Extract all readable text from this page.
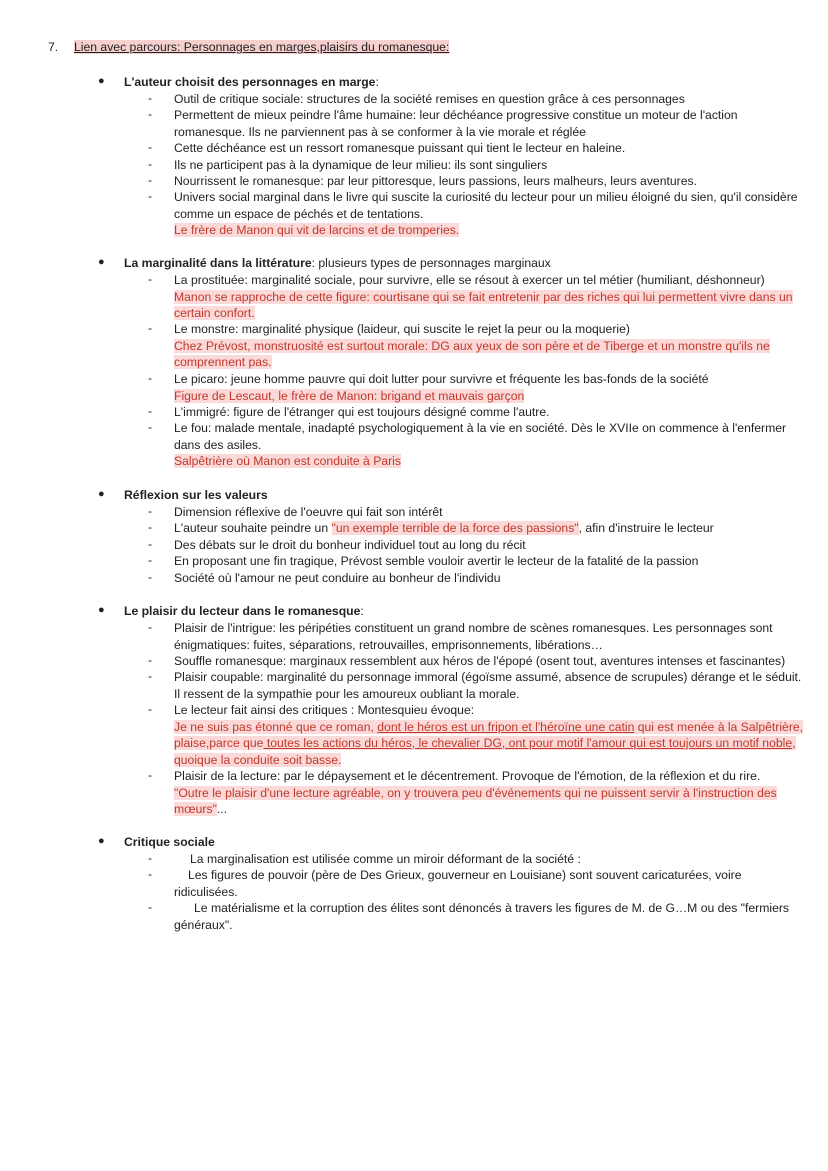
7. Lien avec parcours: Personnages en marges,plaisirs du romanesque:
● L'auteur choisit des personnages en marge:
- Outil de critique sociale: structures de la société remises en question grâce à ces personnages
- Permettent de mieux peindre l'âme humaine: leur déchéance progressive constitue un moteur de l'action romanesque. Ils ne parviennent pas à se conformer à la vie morale et réglée
- Cette déchéance est un ressort romanesque puissant qui tient le lecteur en haleine.
- Ils ne participent pas à la dynamique de leur milieu: ils sont singuliers
- Nourrissent le romanesque: par leur pittoresque, leurs passions, leurs malheurs, leurs aventures.
- Univers social marginal dans le livre qui suscite la curiosité du lecteur pour un milieu éloigné du sien, qu'il considère comme un espace de péchés et de tentations.
Le frère de Manon qui vit de larcins et de tromperies.
● La marginalité dans la littérature: plusieurs types de personnages marginaux
- La prostituée: marginalité sociale, pour survivre, elle se résout à exercer un tel métier (humiliant, déshonneur)
Manon se rapproche de cette figure: courtisane qui se fait entretenir par des riches qui lui permettent vivre dans un certain confort.
- Le monstre: marginalité physique (laideur, qui suscite le rejet la peur ou la moquerie)
Chez Prévost, monstruosité est surtout morale: DG aux yeux de son père et de Tiberge et un monstre qu'ils ne comprennent pas.
- Le picaro: jeune homme pauvre qui doit lutter pour survivre et fréquente les bas-fonds de la société
Figure de Lescaut, le frère de Manon: brigand et mauvais garçon
- L'immigré: figure de l'étranger qui est toujours désigné comme l'autre.
- Le fou: malade mentale, inadapté psychologiquement à la vie en société. Dès le XVIIe on commence à l'enfermer dans des asiles.
Salpêtrière où Manon est conduite à Paris
● Réflexion sur les valeurs
- Dimension réflexive de l'oeuvre qui fait son intérêt
- L'auteur souhaite peindre un "un exemple terrible de la force des passions", afin d'instruire le lecteur
- Des débats sur le droit du bonheur individuel tout au long du récit
- En proposant une fin tragique, Prévost semble vouloir avertir le lecteur de la fatalité de la passion
- Société où l'amour ne peut conduire au bonheur de l'individu
● Le plaisir du lecteur dans le romanesque:
- Plaisir de l'intrigue: les péripéties constituent un grand nombre de scènes romanesques. Les personnages sont énigmatiques: fuites, séparations, retrouvailles, emprisonnements, libérations…
- Souffle romanesque: marginaux ressemblent aux héros de l'épopé (osent tout, aventures intenses et fascinantes)
- Plaisir coupable: marginalité du personnage immoral (égoïsme assumé, absence de scrupules) dérange et le séduit. Il ressent de la sympathie pour les amoureux oubliant la morale.
- Le lecteur fait ainsi des critiques : Montesquieu évoque:
Je ne suis pas étonné que ce roman, dont le héros est un fripon et l'héroïne une catin qui est menée à la Salpêtrière, plaise,parce que toutes les actions du héros, le chevalier DG, ont pour motif l'amour qui est toujours un motif noble, quoique la conduite soit basse.
- Plaisir de la lecture: par le dépaysement et le décentrement. Provoque de l'émotion, de la réflexion et du rire.
"Outre le plaisir d'une lecture agréable, on y trouvera peu d'événements qui ne puissent servir à l'instruction des mœurs"...
● Critique sociale
-	La marginalisation est utilisée comme un miroir déformant de la société :
-	Les figures de pouvoir (père de Des Grieux, gouverneur en Louisiane) sont souvent caricaturées, voire ridiculisées.
-	Le matérialisme et la corruption des élites sont dénoncés à travers les figures de M. de G…M ou des "fermiers généraux".
